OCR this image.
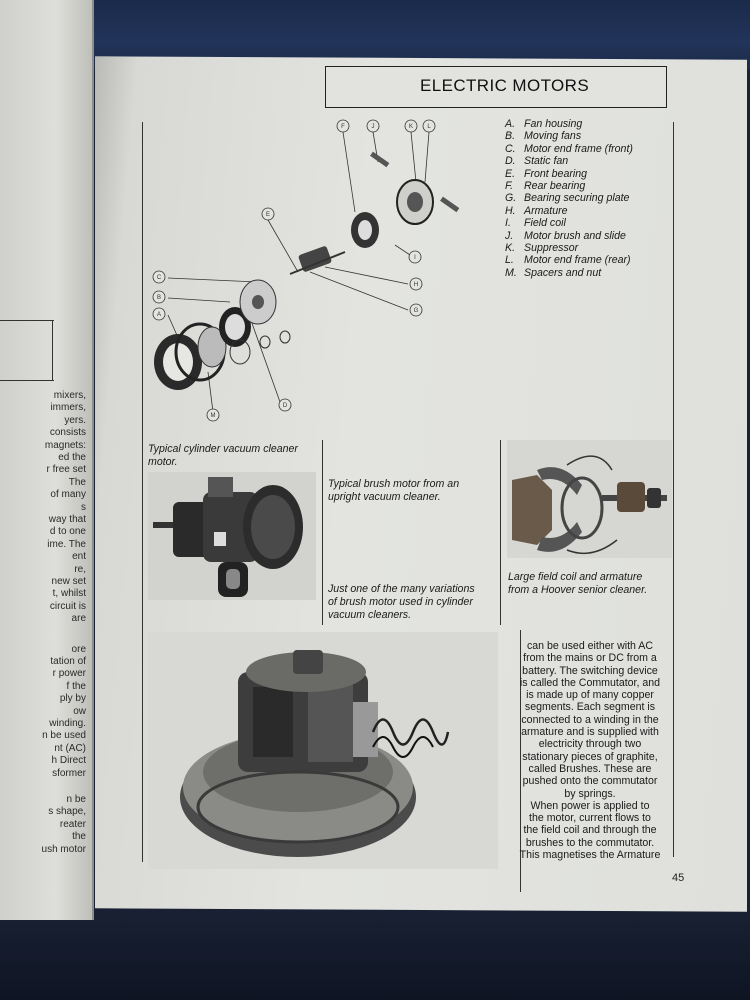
mixers,
immers,
yers.
consists
magnets:
ed the
r free set
The
of many
s
way that
d to one
ime. The
ent
re,
new set
t, whilst
circuit is
are
ore
tation of
r power
f the
ply by
ow
winding.
n be used
nt (AC)
h Direct
sformer
n be
s shape,
reater
the
ush motor
ELECTRIC MOTORS
F	J	K L
E
I
C
H
B
G
A
D
M
A. Fan housing
B. Moving fans
C. Motor end frame (front)
D. Static fan
E. Front bearing
F.	Rear bearing
G. Bearing securing plate
H. Armature
I.	Field coil
J.	Motor brush and slide
K. Suppressor
L. Motor end frame (rear)
M. Spacers and nut
Typical cylinder vacuum cleaner
motor.
Typical brush motor from an
upright vacuum cleaner.
Just one of the many variations
of brush motor used in cylinder
vacuum cleaners.
Large field coil and armature
from a Hoover senior cleaner.
can be used either with AC
from the mains or DC from a
battery. The switching device
is called the Commutator, and
is made up of many copper
segments. Each segment is
connected to a winding in the
armature and is supplied with
electricity through two
stationary pieces of graphite,
called Brushes. These are
pushed onto the commutator
by springs.
When power is applied to
the motor, current flows to
the field coil and through the
brushes to the commutator.
This magnetises the Armature
45
